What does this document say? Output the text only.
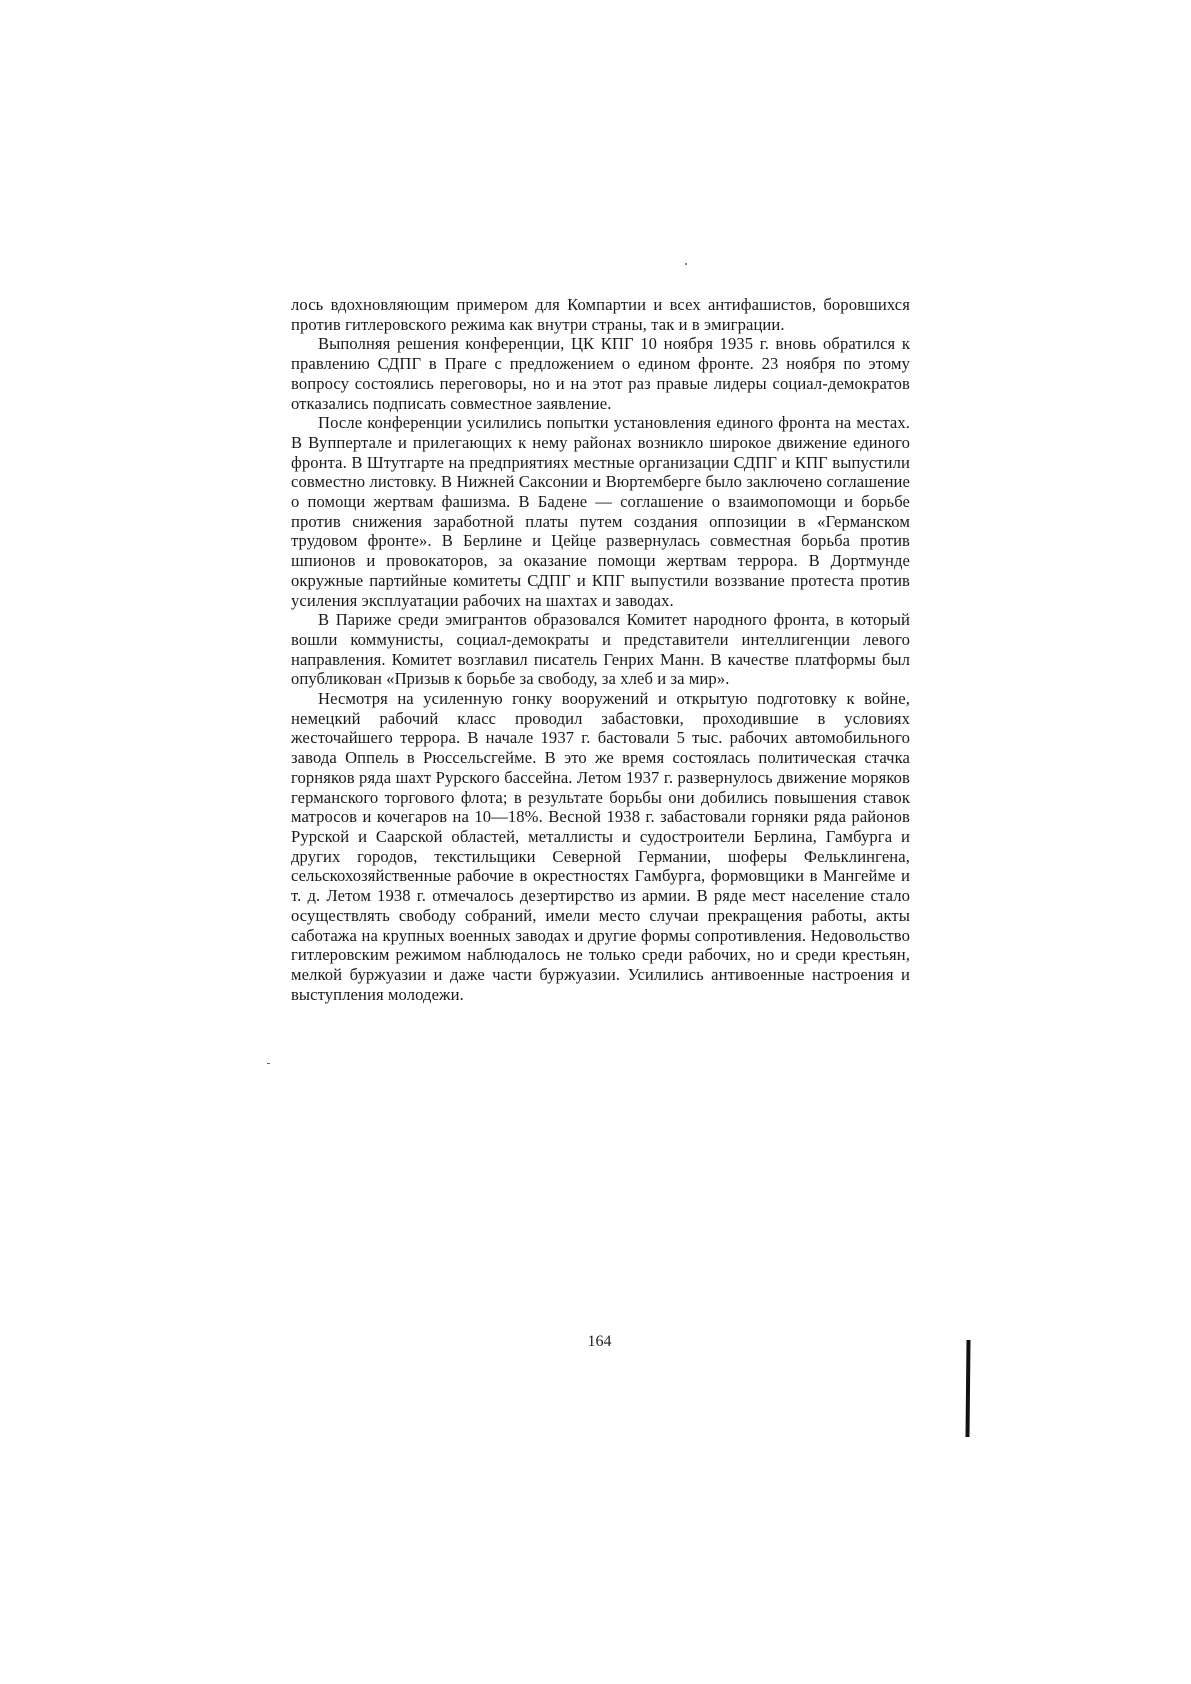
лось вдохновляющим примером для Компартии и всех антифашистов, боровшихся против гитлеровского режима как внутри страны, так и в эмиграции.

Выполняя решения конференции, ЦК КПГ 10 ноября 1935 г. вновь обратился к правлению СДПГ в Праге с предложением о едином фронте. 23 ноября по этому вопросу состоялись переговоры, но и на этот раз правые лидеры социал-демократов отказались подписать совместное заявление.

После конференции усилились попытки установления единого фронта на местах. В Вуппертале и прилегающих к нему районах возникло широкое движение единого фронта. В Штутгарте на предприятиях местные организации СДПГ и КПГ выпустили совместно листовку. В Нижней Саксонии и Вюртемберге было заключено соглашение о помощи жертвам фашизма. В Бадене — соглашение о взаимопомощи и борьбе против снижения заработной платы путем создания оппозиции в «Германском трудовом фронте». В Берлине и Цейце развернулась совместная борьба против шпионов и провокаторов, за оказание помощи жертвам террора. В Дортмунде окружные партийные комитеты СДПГ и КПГ выпустили воззвание протеста против усиления эксплуатации рабочих на шахтах и заводах.

В Париже среди эмигрантов образовался Комитет народного фронта, в который вошли коммунисты, социал-демократы и представители интеллигенции левого направления. Комитет возглавил писатель Генрих Манн. В качестве платформы был опубликован «Призыв к борьбе за свободу, за хлеб и за мир».

Несмотря на усиленную гонку вооружений и открытую подготовку к войне, немецкий рабочий класс проводил забастовки, проходившие в условиях жесточайшего террора. В начале 1937 г. бастовали 5 тыс. рабочих автомобильного завода Оппель в Рюссельсгейме. В это же время состоялась политическая стачка горняков ряда шахт Рурского бассейна. Летом 1937 г. развернулось движение моряков германского торгового флота; в результате борьбы они добились повышения ставок матросов и кочегаров на 10—18%. Весной 1938 г. забастовали горняки ряда районов Рурской и Саарской областей, металлисты и судостроители Берлина, Гамбурга и других городов, текстильщики Северной Германии, шоферы Фельклингена, сельскохозяйственные рабочие в окрестностях Гамбурга, формовщики в Мангейме и т. д. Летом 1938 г. отмечалось дезертирство из армии. В ряде мест население стало осуществлять свободу собраний, имели место случаи прекращения работы, акты саботажа на крупных военных заводах и другие формы сопротивления. Недовольство гитлеровским режимом наблюдалось не только среди рабочих, но и среди крестьян, мелкой буржуазии и даже части буржуазии. Усилились антивоенные настроения и выступления молодежи.

164
